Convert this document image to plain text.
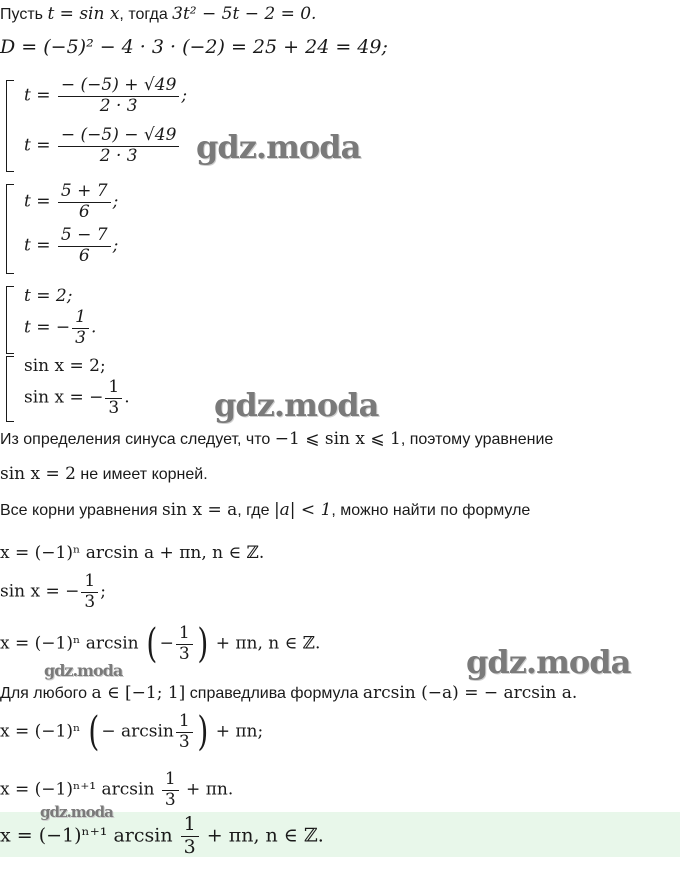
Пусть t = sin x, тогда 3t² − 5t − 2 = 0.
D = (−5)² − 4 · 3 · (−2) = 25 + 24 = 49;
$t = \frac{- (-5) + √49}{2 \cdot 3}$ ;
$t = \frac{- (-5) - √49}{2 \cdot 3}$
$t = \frac{5 + 7}{6}$ ;
$t = \frac{5 - 7}{6}$ ;
t = 2;
t = − $\frac{1}{3}$ .
sin x = 2;
sin x = − $\frac{1}{3}$ .
Из определения синуса следует, что −1 ⩽ sin x ⩽ 1, поэтому уравнение
sin x = 2 не имеет корней.
Все корни уравнения sin x = a, где |a| < 1, можно найти по формуле
x = (−1)ⁿ arcsin a + πn, n ∈ ℤ.
sin x = − $\frac{1}{3}$ ;
x = (−1)ⁿ arcsin ( − $\frac{1}{3}$ ) + πn, n ∈ ℤ.
Для любого a ∈ [−1; 1] справедлива формула arcsin (−a) = − arcsin a.
x = (−1)ⁿ ( − $\arcsin \frac{1}{3}$ ) + πn;
x = (−1)ⁿ⁺¹ $\arcsin \frac{1}{3} + \pi n$.
x = (−1)ⁿ⁺¹ $\arcsin \frac{1}{3} + \pi n$, n ∈ ℤ.
gdz.moda
gdz.moda
gdz.moda
gdz.moda
gdz.moda
